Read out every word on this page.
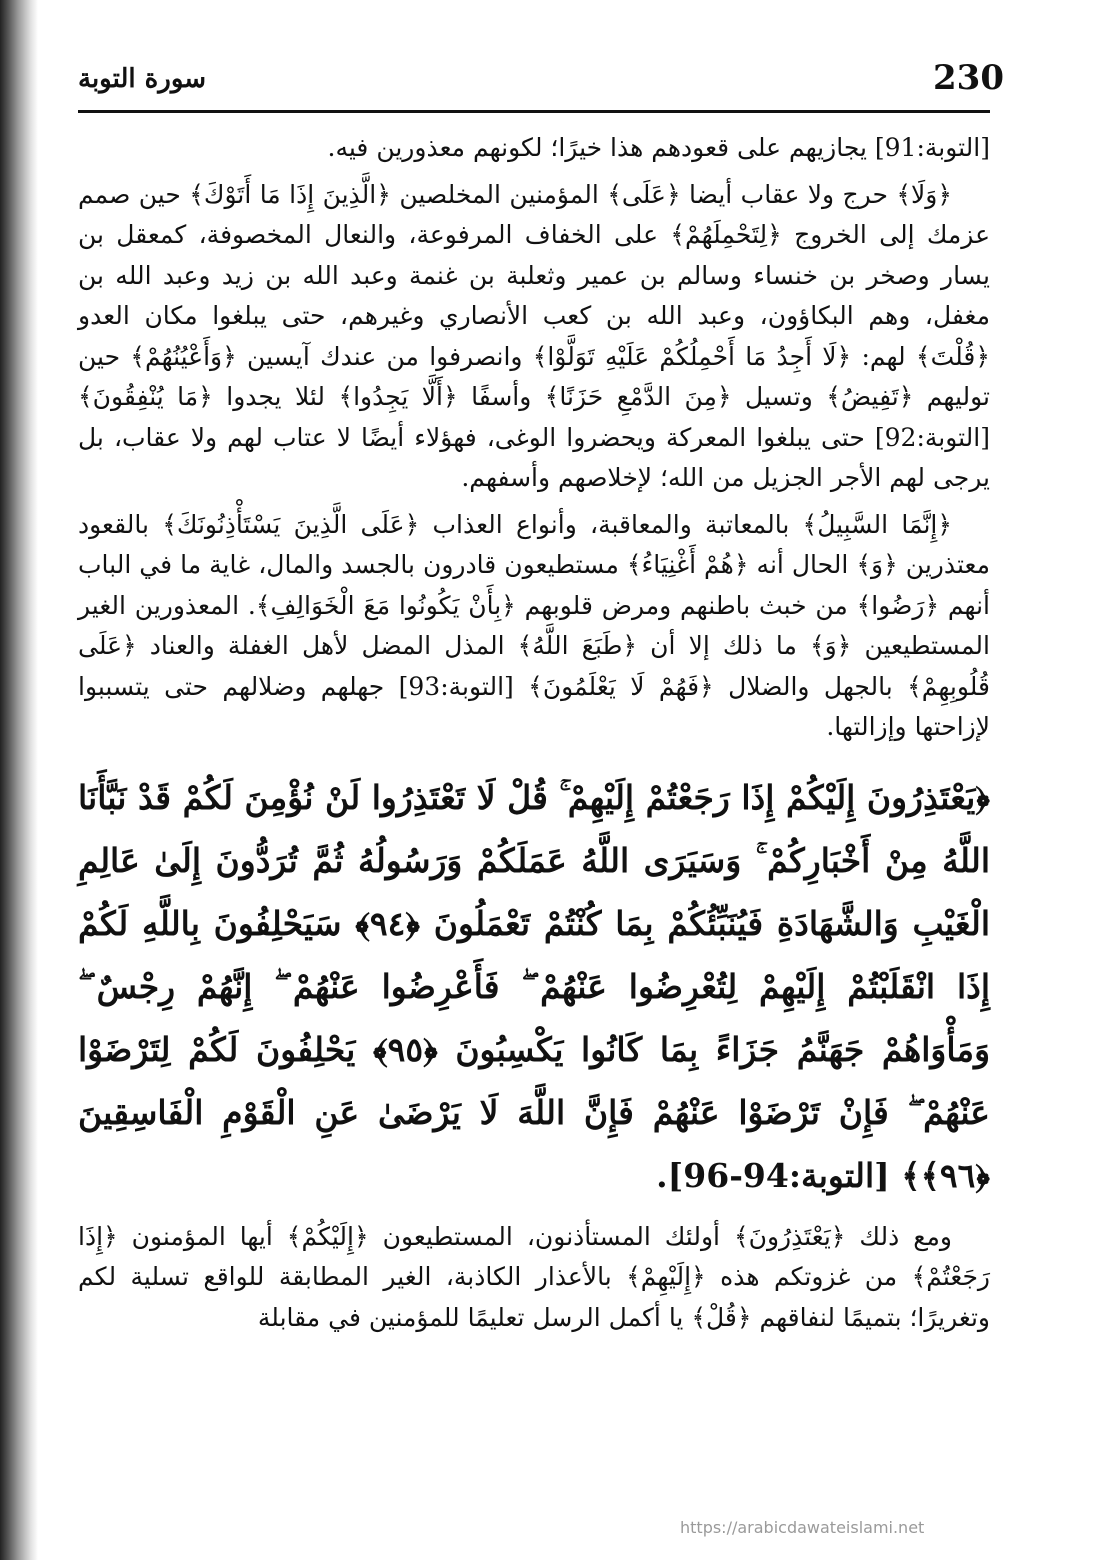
سورة التوبة	230

[التوبة:91] يجازيهم على قعودهم هذا خيرًا؛ لكونهم معذورين فيه.

﴿وَلَا﴾ حرج ولا عقاب أيضا ﴿عَلَى﴾ المؤمنين المخلصين ﴿الَّذِينَ إِذَا مَا أَتَوْكَ﴾ حين صمم عزمك إلى الخروج ﴿لِتَحْمِلَهُمْ﴾ على الخفاف المرفوعة، والنعال المخصوفة، كمعقل بن يسار وصخر بن خنساء وسالم بن عمير وثعلبة بن غنمة وعبد الله بن زيد وعبد الله بن مغفل، وهم البكاؤون، وعبد الله بن كعب الأنصاري وغيرهم، حتى يبلغوا مكان العدو ﴿قُلْتَ﴾ لهم: ﴿لَا أَجِدُ مَا أَحْمِلُكُمْ عَلَيْهِ تَوَلَّوْا﴾ وانصرفوا من عندك آيسين ﴿وَأَعْيُنُهُمْ﴾ حين توليهم ﴿تَفِيضُ﴾ وتسيل ﴿مِنَ الدَّمْعِ حَزَنًا﴾ وأسفًا ﴿أَلَّا يَجِدُوا﴾ لئلا يجدوا ﴿مَا يُنْفِقُونَ﴾ [التوبة:92] حتى يبلغوا المعركة ويحضروا الوغى، فهؤلاء أيضًا لا عتاب لهم ولا عقاب، بل يرجى لهم الأجر الجزيل من الله؛ لإخلاصهم وأسفهم.

﴿إِنَّمَا السَّبِيلُ﴾ بالمعاتبة والمعاقبة، وأنواع العذاب ﴿عَلَى الَّذِينَ يَسْتَأْذِنُونَكَ﴾ بالقعود معتذرين ﴿وَ﴾ الحال أنه ﴿هُمْ أَغْنِيَاءُ﴾ مستطيعون قادرون بالجسد والمال، غاية ما في الباب أنهم ﴿رَضُوا﴾ من خبث باطنهم ومرض قلوبهم ﴿بِأَنْ يَكُونُوا مَعَ الْخَوَالِفِ﴾. المعذورين الغير المستطيعين ﴿وَ﴾ ما ذلك إلا أن ﴿طَبَعَ اللَّهُ﴾ المذل المضل لأهل الغفلة والعناد ﴿عَلَى قُلُوبِهِمْ﴾ بالجهل والضلال ﴿فَهُمْ لَا يَعْلَمُونَ﴾ [التوبة:93] جهلهم وضلالهم حتى يتسببوا لإزاحتها وإزالتها.

﴿يَعْتَذِرُونَ إِلَيْكُمْ إِذَا رَجَعْتُمْ إِلَيْهِمْ ۚ قُلْ لَا تَعْتَذِرُوا لَنْ نُؤْمِنَ لَكُمْ قَدْ نَبَّأَنَا اللَّهُ مِنْ أَخْبَارِكُمْ ۚ وَسَيَرَى اللَّهُ عَمَلَكُمْ وَرَسُولُهُ ثُمَّ تُرَدُّونَ إِلَىٰ عَالِمِ الْغَيْبِ وَالشَّهَادَةِ فَيُنَبِّئُكُمْ بِمَا كُنْتُمْ تَعْمَلُونَ ﴿٩٤﴾ سَيَحْلِفُونَ بِاللَّهِ لَكُمْ إِذَا انْقَلَبْتُمْ إِلَيْهِمْ لِتُعْرِضُوا عَنْهُمْ ۖ فَأَعْرِضُوا عَنْهُمْ ۖ إِنَّهُمْ رِجْسٌ ۖ وَمَأْوَاهُمْ جَهَنَّمُ جَزَاءً بِمَا كَانُوا يَكْسِبُونَ ﴿٩٥﴾ يَحْلِفُونَ لَكُمْ لِتَرْضَوْا عَنْهُمْ ۖ فَإِنْ تَرْضَوْا عَنْهُمْ فَإِنَّ اللَّهَ لَا يَرْضَىٰ عَنِ الْقَوْمِ الْفَاسِقِينَ ﴿٩٦﴾﴾ [التوبة:94-96].

ومع ذلك ﴿يَعْتَذِرُونَ﴾ أولئك المستأذنون، المستطيعون ﴿إِلَيْكُمْ﴾ أيها المؤمنون ﴿إِذَا رَجَعْتُمْ﴾ من غزوتكم هذه ﴿إِلَيْهِمْ﴾ بالأعذار الكاذبة، الغير المطابقة للواقع تسلية لكم وتغريرًا؛ بتميمًا لنفاقهم ﴿قُلْ﴾ يا أكمل الرسل تعليمًا للمؤمنين في مقابلة

https://arabicdawateislami.net
